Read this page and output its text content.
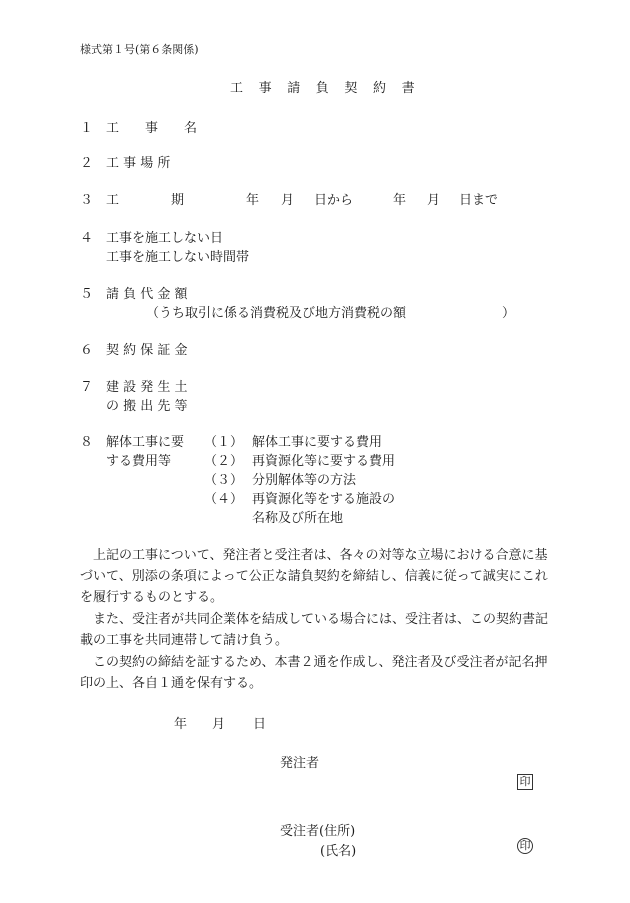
様式第１号(第６条関係)
工　事　請　負　契　約　書
１ 工　　事　　名
２ 工 事 場 所
３ 工　　　　期	年 月 日から	年 月 日まで
４ 工事を施工しない日
工事を施工しない時間帯
５ 請 負 代 金 額
（うち取引に係る消費税及び地方消費税の額	）
６ 契 約 保 証 金
７ 建 設 発 生 土
の 搬 出 先 等
８ 解体工事に要
する費用等
（１） 解体工事に要する費用
（２） 再資源化等に要する費用
（３） 分別解体等の方法
（４） 再資源化等をする施設の
名称及び所在地
　上記の工事について、発注者と受注者は、各々の対等な立場における合意に基づいて、別添の条項によって公正な請負契約を締結し、信義に従って誠実にこれを履行するものとする。
　また、受注者が共同企業体を結成している場合には、受注者は、この契約書記載の工事を共同連帯して請け負う。
　この契約の締結を証するため、本書２通を作成し、発注者及び受注者が記名押印の上、各自１通を保有する。
年 月 日
発注者
印
受注者(住所)
(氏名)	印
